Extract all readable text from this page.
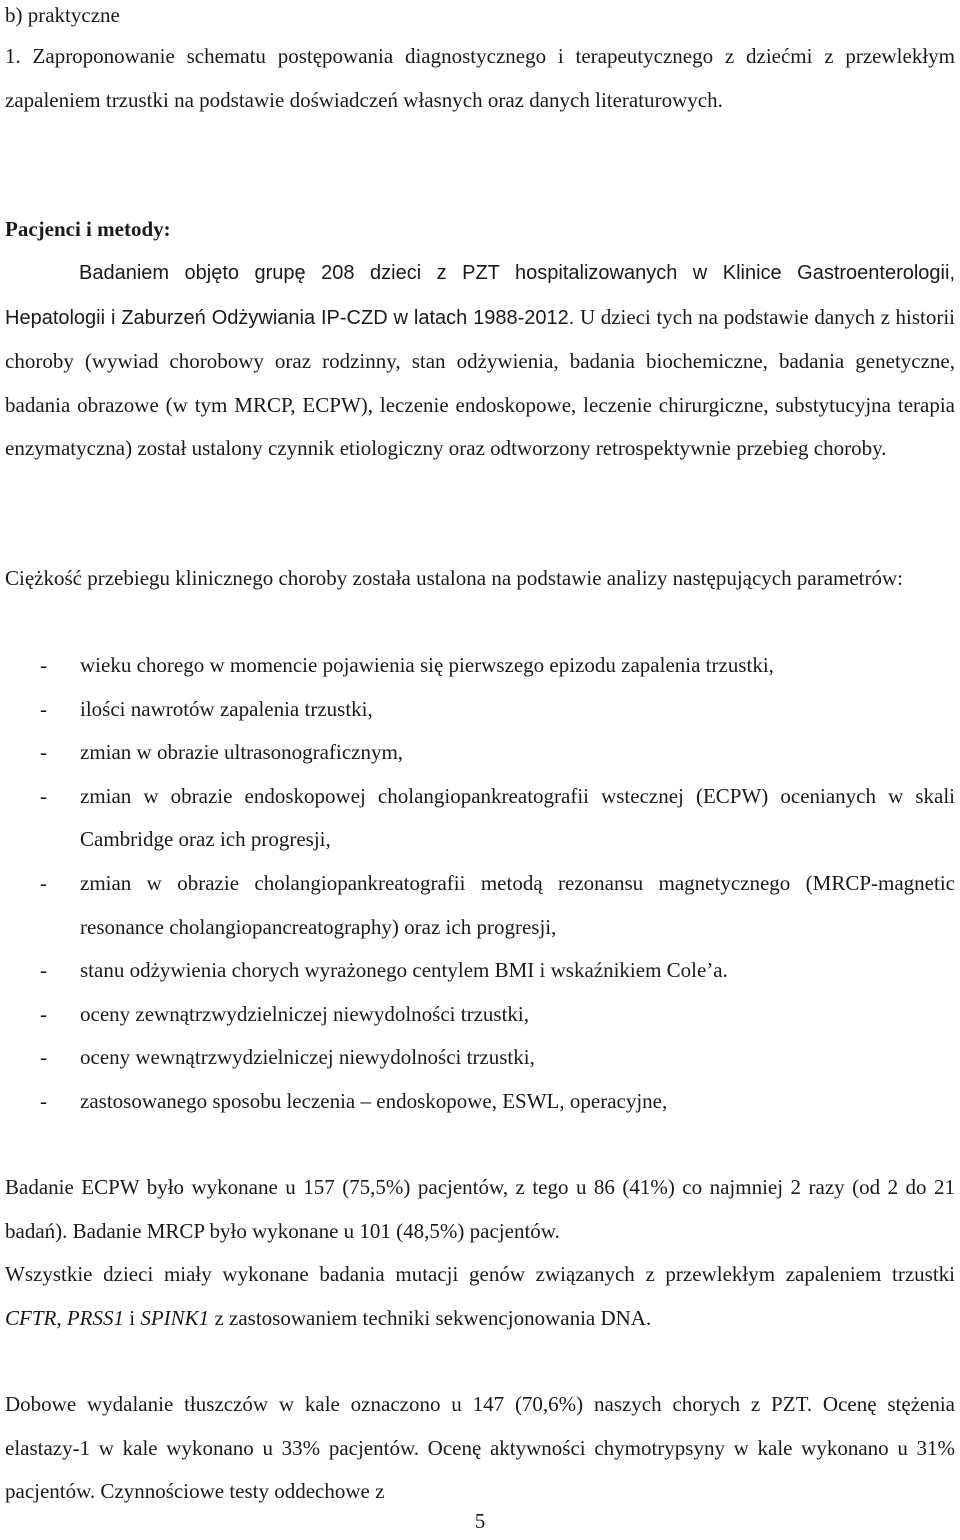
b) praktyczne

1. Zaproponowanie schematu postępowania diagnostycznego i terapeutycznego z dziećmi z przewlekłym zapaleniem trzustki na podstawie doświadczeń własnych oraz danych literaturowych.

Pacjenci i metody:

Badaniem objęto grupę 208 dzieci z PZT hospitalizowanych w Klinice Gastroenterologii, Hepatologii i Zaburzeń Odżywiania IP-CZD w latach 1988-2012. U dzieci tych na podstawie danych z historii choroby (wywiad chorobowy oraz rodzinny, stan odżywienia, badania biochemiczne, badania genetyczne, badania obrazowe (w tym MRCP, ECPW), leczenie endoskopowe, leczenie chirurgiczne, substytucyjna terapia enzymatyczna) został ustalony czynnik etiologiczny oraz odtworzony retrospektywnie przebieg choroby.

Ciężkość przebiegu klinicznego choroby została ustalona na podstawie analizy następujących parametrów:

- wieku chorego w momencie pojawienia się pierwszego epizodu zapalenia trzustki,
- ilości nawrotów zapalenia trzustki,
- zmian w obrazie ultrasonograficznym,
- zmian w obrazie endoskopowej cholangiopankreatografii wstecznej (ECPW) ocenianych w skali Cambridge oraz ich progresji,
- zmian w obrazie cholangiopankreatografii metodą rezonansu magnetycznego (MRCP-magnetic resonance cholangiopancreatography) oraz ich progresji,
- stanu odżywienia chorych wyrażonego centylem BMI i wskaźnikiem Cole’a.
- oceny zewnątrzwydzielniczej niewydolności trzustki,
- oceny wewnątrzwydzielniczej niewydolności trzustki,
- zastosowanego sposobu leczenia – endoskopowe, ESWL, operacyjne,

Badanie ECPW było wykonane u 157 (75,5%) pacjentów, z tego u 86 (41%) co najmniej 2 razy (od 2 do 21 badań). Badanie MRCP było wykonane u 101 (48,5%) pacjentów.

Wszystkie dzieci miały wykonane badania mutacji genów związanych z przewlekłym zapaleniem trzustki CFTR, PRSS1 i SPINK1 z zastosowaniem techniki sekwencjonowania DNA.

Dobowe wydalanie tłuszczów w kale oznaczono u 147 (70,6%) naszych chorych z PZT. Ocenę stężenia elastazy-1 w kale wykonano u 33% pacjentów. Ocenę aktywności chymotrypsyny w kale wykonano u 31% pacjentów. Czynnościowe testy oddechowe z

5
